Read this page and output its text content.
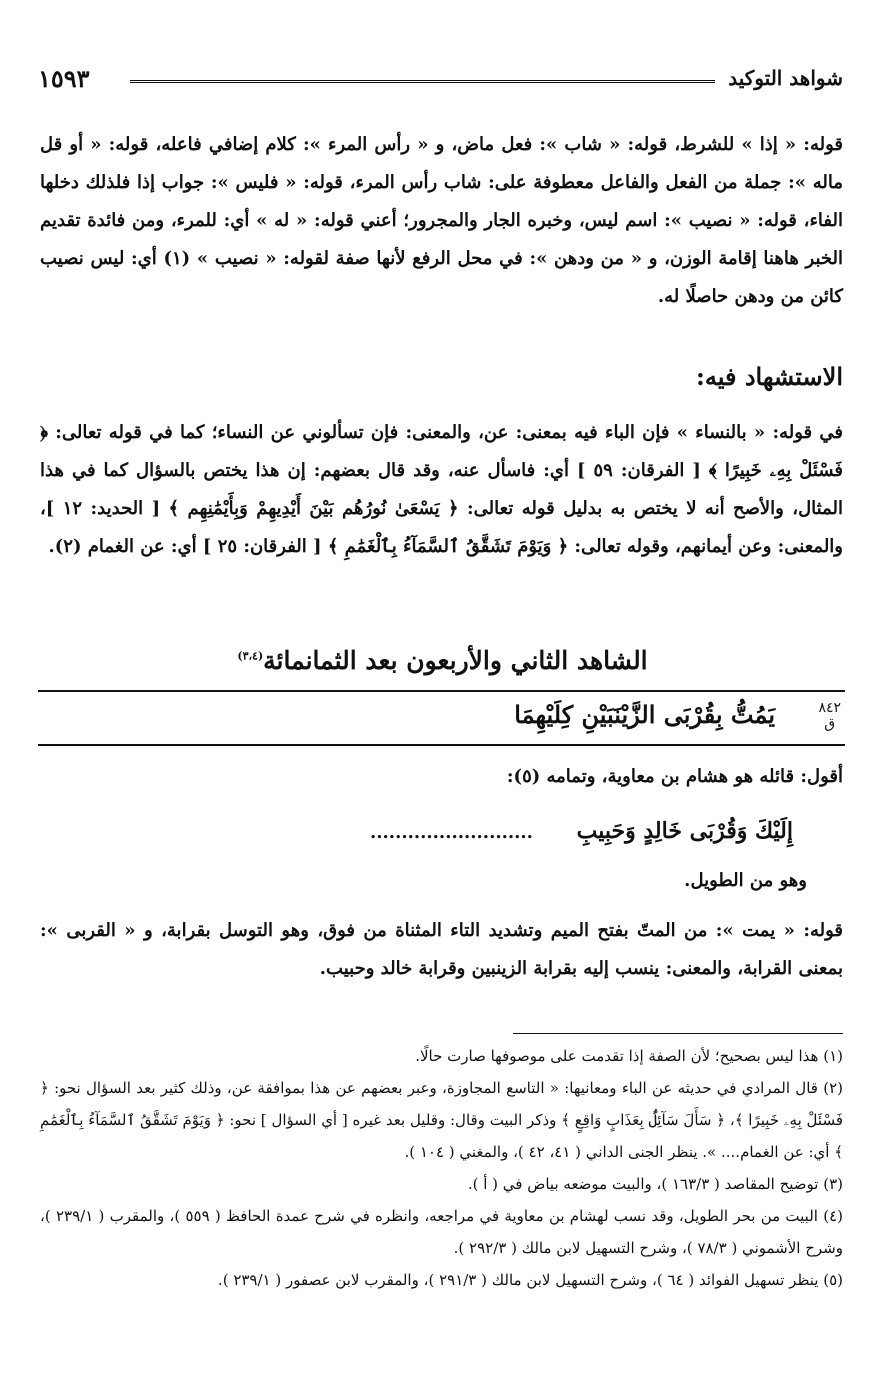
شواهد التوكيد
١٥٩٣

قوله: « إذا » للشرط، قوله: « شاب »: فعل ماض، و « رأس المرء »: كلام إضافي فاعله، قوله: « أو قل ماله »: جملة من الفعل والفاعل معطوفة على: شاب رأس المرء، قوله: « فليس »: جواب إذا فلذلك دخلها الفاء، قوله: « نصيب »: اسم ليس، وخبره الجار والمجرور؛ أعني قوله: « له » أي: للمرء، ومن فائدة تقديم الخبر هاهنا إقامة الوزن، و « من ودهن »: في محل الرفع لأنها صفة لقوله: « نصيب » (١) أي: ليس نصيب كائن من ودهن حاصلًا له.

الاستشهاد فيه:

في قوله: « بالنساء » فإن الباء فيه بمعنى: عن، والمعنى: فإن تسألوني عن النساء؛ كما في قوله تعالى: ﴿ فَسْئَلْ بِهِۦ خَبِيرًا ﴾ [ الفرقان: ٥٩ ] أي: فاسأل عنه، وقد قال بعضهم: إن هذا يختص بالسؤال كما في هذا المثال، والأصح أنه لا يختص به بدليل قوله تعالى: ﴿ يَسْعَىٰ نُورُهُم بَيْنَ أَيْدِيهِمْ وَبِأَيْمَٰنِهِم ﴾ [ الحديد: ١٢ ]، والمعنى: وعن أيمانهم، وقوله تعالى: ﴿ وَيَوْمَ تَشَقَّقُ ٱلسَّمَآءُ بِٱلْغَمَٰمِ ﴾ [ الفرقان: ٢٥ ] أي: عن الغمام (٢).

الشاهد الثاني والأربعون بعد الثمانمائة$^{(٣،٤)}$
٨٤٢
ق
يَمُتُّ بِقُرْبَى الزَّيْنَبَيْنِ كِلَيْهِمَا
أقول: قائله هو هشام بن معاوية، وتمامه (٥):
إِلَيْكَ وَقُرْبَى خَالِدٍ وَحَبِيبِ
..........................
وهو من الطويل.

قوله: « يمت »: من المتّ بفتح الميم وتشديد التاء المثناة من فوق، وهو التوسل بقرابة، و « القربى »: بمعنى القرابة، والمعنى: ينسب إليه بقرابة الزينبين وقرابة خالد وحبيب.

(١) هذا ليس بصحيح؛ لأن الصفة إذا تقدمت على موصوفها صارت حالًا.

(٢) قال المرادي في حديثه عن الباء ومعانيها: « التاسع المجاوزة، وعبر بعضهم عن هذا بموافقة عن، وذلك كثير بعد السؤال نحو: ﴿ فَسْئَلْ بِهِۦ خَبِيرًا ﴾، ﴿ سَأَلَ سَآئِلٌۢ بِعَذَابٍ وَاقِعٍ ﴾ وذكر البيت وقال: وقليل بعد غيره [ أي السؤال ] نحو: ﴿ وَيَوْمَ تَشَقَّقُ ٱلسَّمَآءُ بِٱلْغَمَٰمِ ﴾ أي: عن الغمام.... ». ينظر الجنى الداني ( ٤١، ٤٢ )، والمغني ( ١٠٤ ).

(٣) توضيح المقاصد ( ١٦٣/٣ )، والبيت موضعه بياض في ( أ ).

(٤) البيت من بحر الطويل، وقد نسب لهشام بن معاوية في مراجعه، وانظره في شرح عمدة الحافظ ( ٥٥٩ )، والمقرب ( ٢٣٩/١ )، وشرح الأشموني ( ٧٨/٣ )، وشرح التسهيل لابن مالك ( ٢٩٢/٣ ).

(٥) ينظر تسهيل الفوائد ( ٦٤ )، وشرح التسهيل لابن مالك ( ٢٩١/٣ )، والمقرب لابن عصفور ( ٢٣٩/١ ).
